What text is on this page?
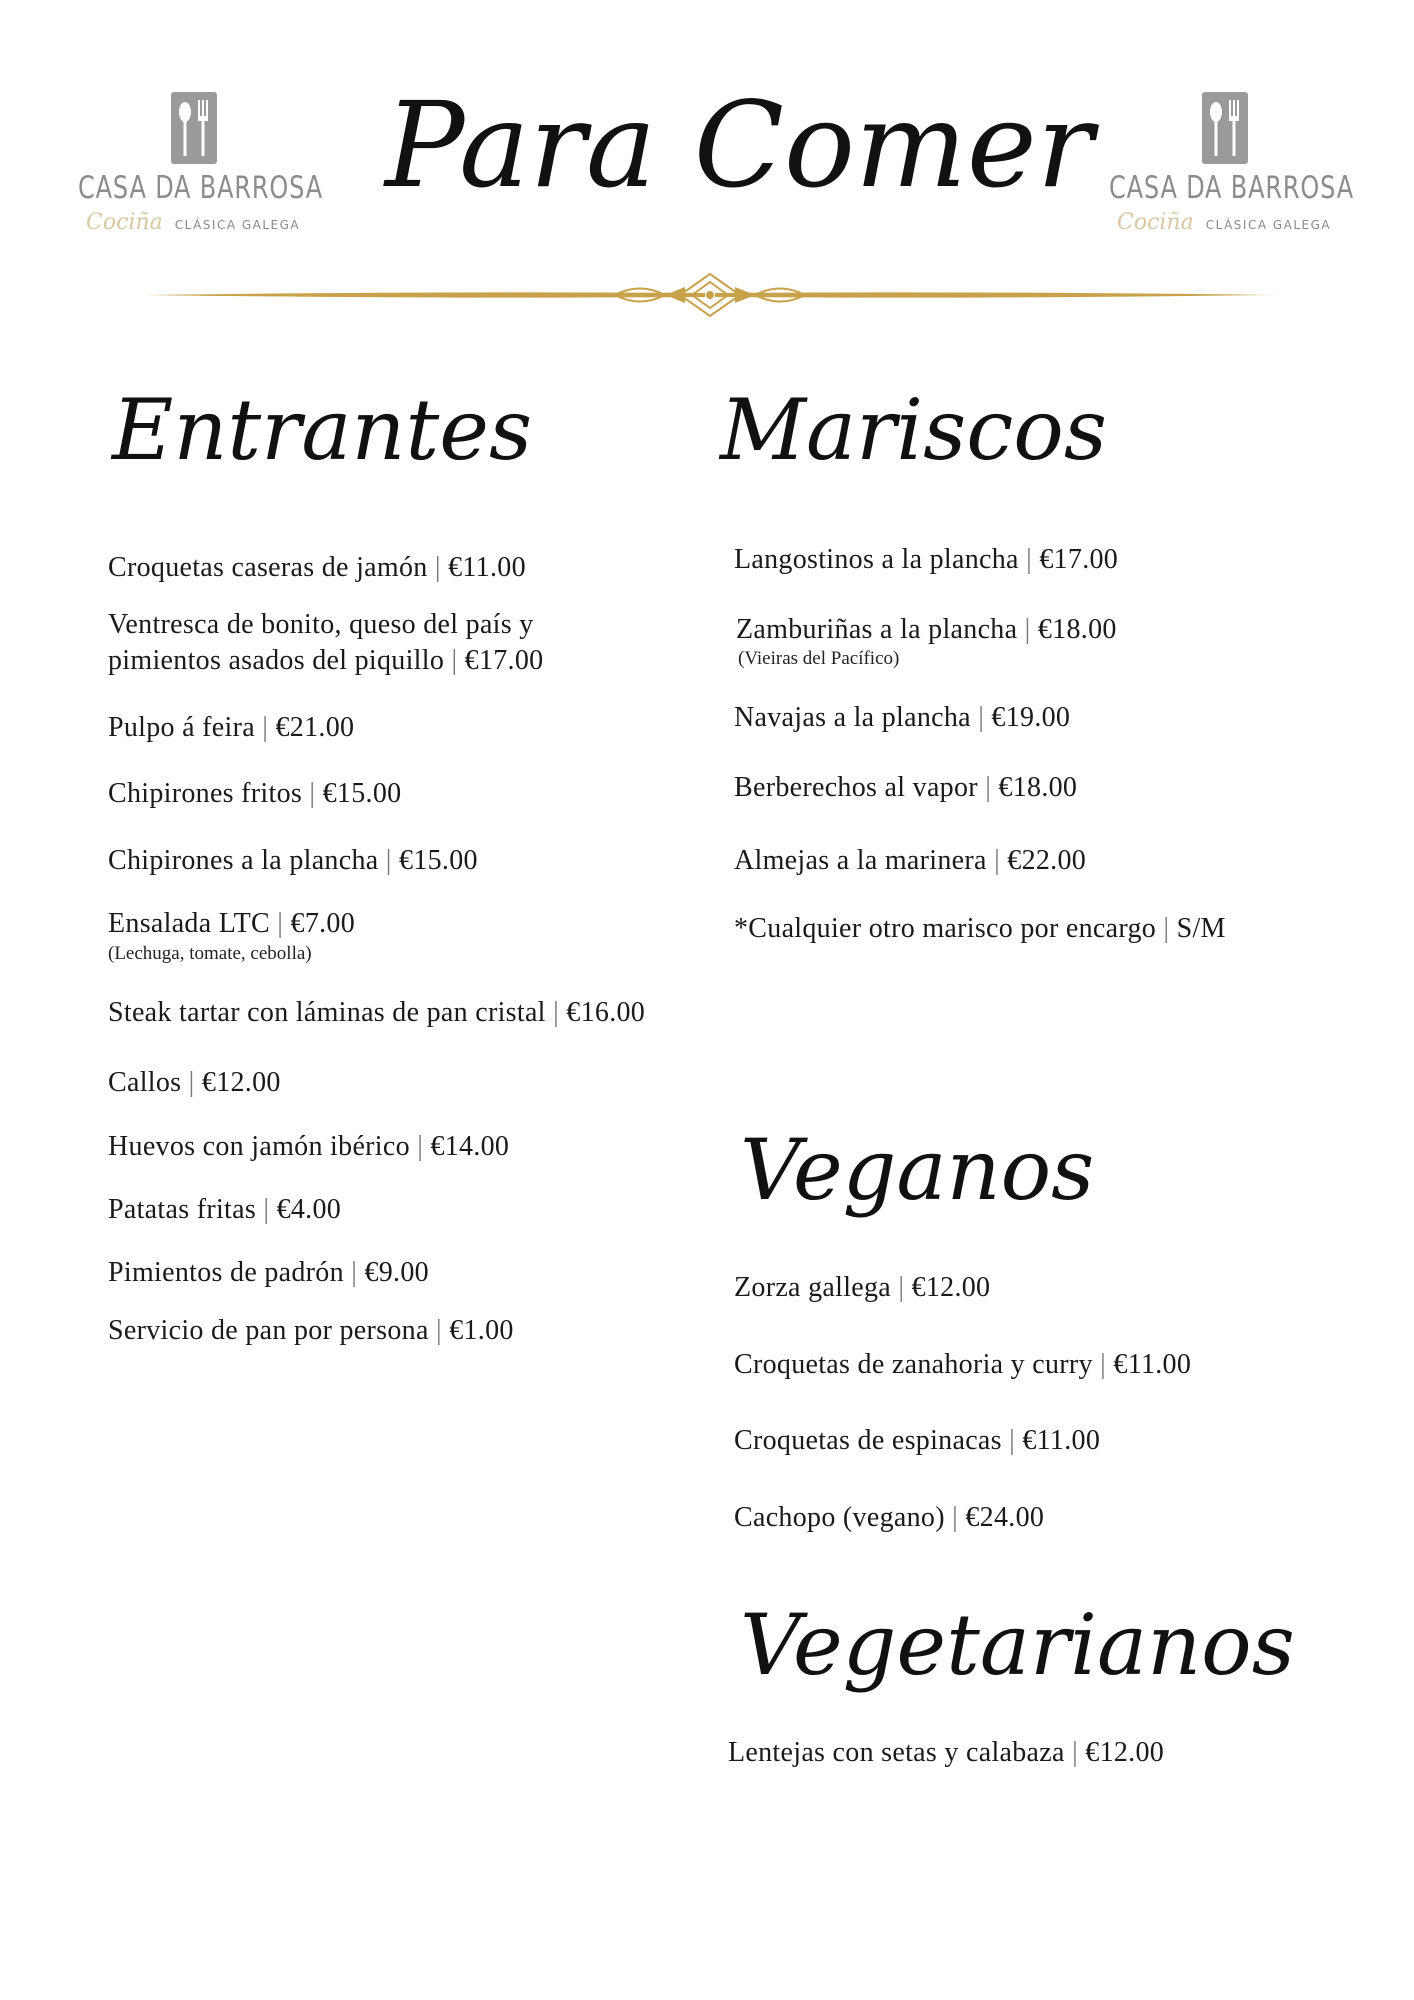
CASA DA BARROSA
Cociña CLÁSICA GALEGA
Para Comer CASA DA BARROSA
Cociña CLÁSICA GALEGA
Entrantes Mariscos
Veganos
Vegetarianos
Croquetas caseras de jamón | €11.00
Ventresca de bonito, queso del país y
pimientos asados del piquillo | €17.00
Pulpo á feira | €21.00
Chipirones fritos | €15.00
Chipirones a la plancha | €15.00
Ensalada LTC | €7.00
(Lechuga, tomate, cebolla)
Steak tartar con láminas de pan cristal | €16.00
Callos | €12.00
Huevos con jamón ibérico | €14.00
Patatas fritas | €4.00
Pimientos de padrón | €9.00
Servicio de pan por persona | €1.00
Langostinos a la plancha | €17.00
Zamburiñas a la plancha | €18.00
(Vieiras del Pacífico)
Navajas a la plancha | €19.00
Berberechos al vapor | €18.00
Almejas a la marinera | €22.00
*Cualquier otro marisco por encargo | S/M
Zorza gallega | €12.00
Croquetas de zanahoria y curry | €11.00
Croquetas de espinacas | €11.00
Cachopo (vegano) | €24.00
Lentejas con setas y calabaza | €12.00
